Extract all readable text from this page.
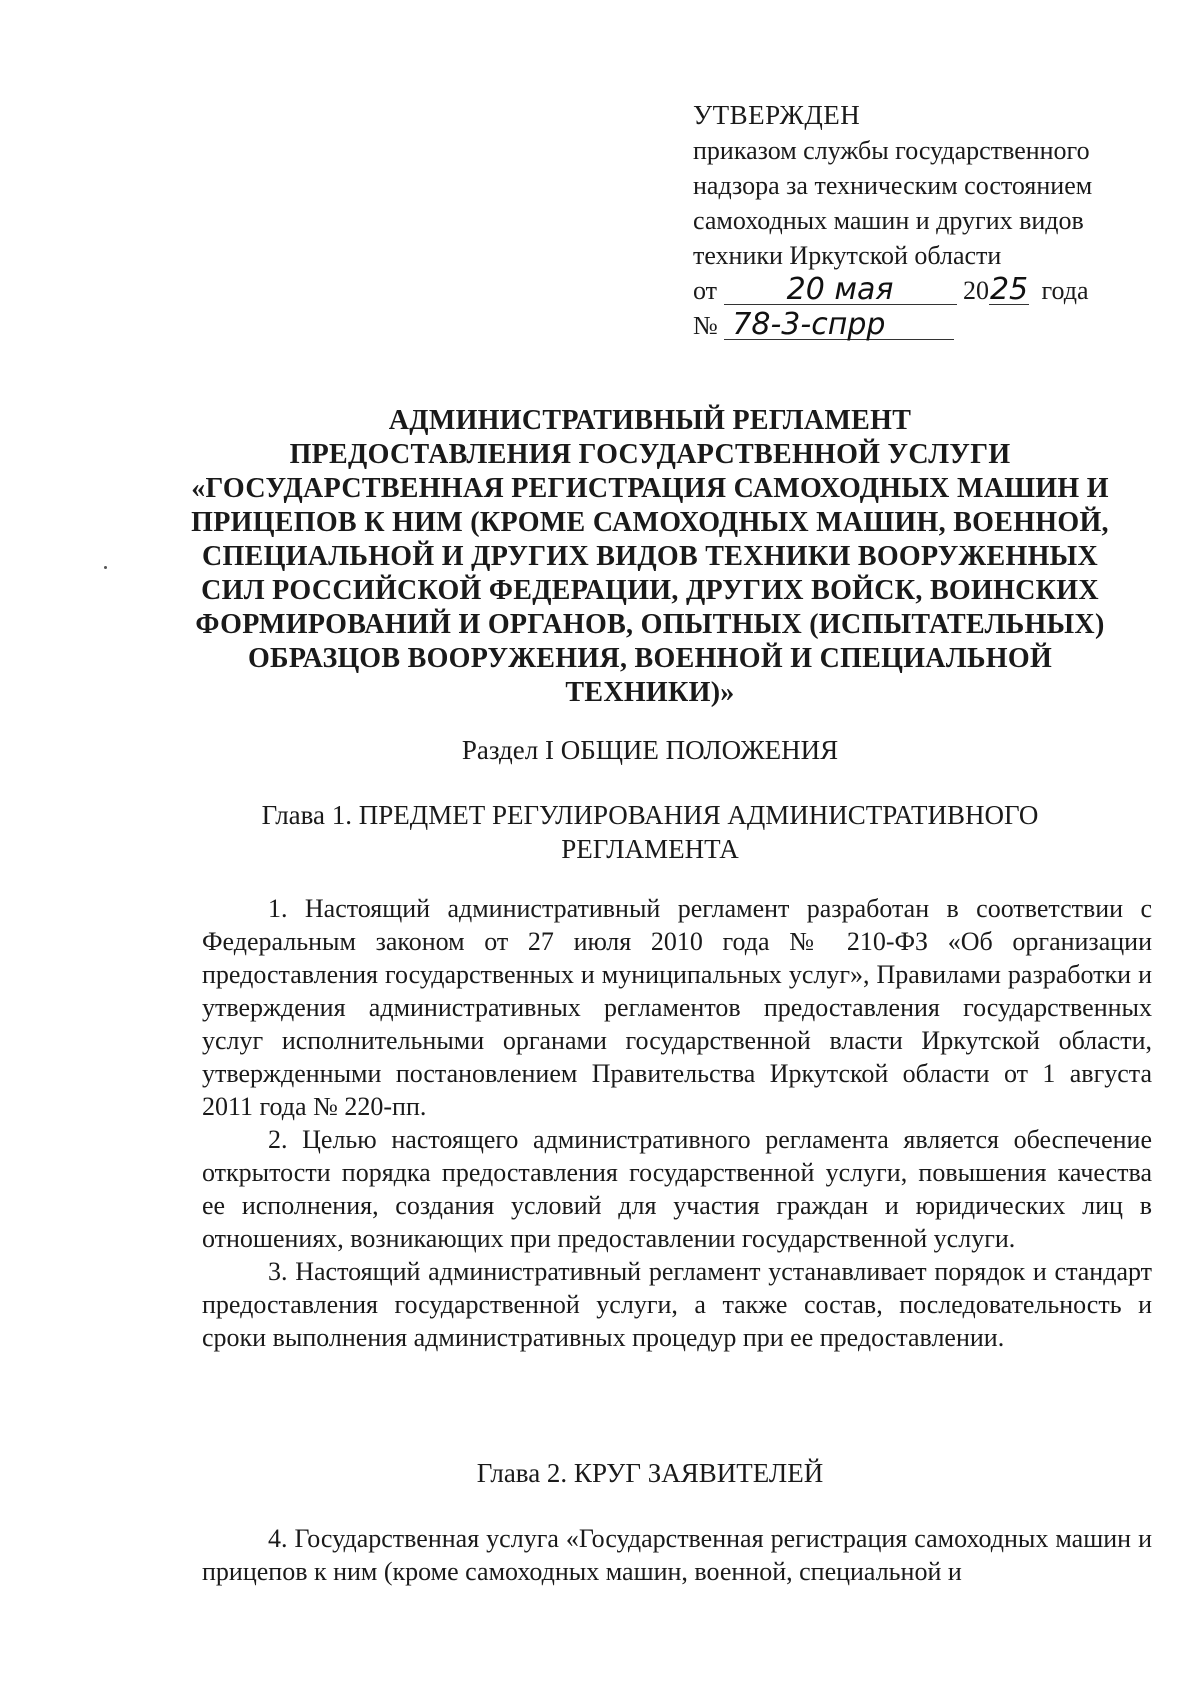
УТВЕРЖДЕН
приказом службы государственного
надзора за техническим состоянием
самоходных машин и других видов
техники Иркутской области
от 20 мая	2025 года
№ 78-3-спрр
АДМИНИСТРАТИВНЫЙ РЕГЛАМЕНТ
ПРЕДОСТАВЛЕНИЯ ГОСУДАРСТВЕННОЙ УСЛУГИ
«ГОСУДАРСТВЕННАЯ РЕГИСТРАЦИЯ САМОХОДНЫХ МАШИН И
ПРИЦЕПОВ К НИМ (КРОМЕ САМОХОДНЫХ МАШИН, ВОЕННОЙ,
СПЕЦИАЛЬНОЙ И ДРУГИХ ВИДОВ ТЕХНИКИ ВООРУЖЕННЫХ
СИЛ РОССИЙСКОЙ ФЕДЕРАЦИИ, ДРУГИХ ВОЙСК, ВОИНСКИХ
ФОРМИРОВАНИЙ И ОРГАНОВ, ОПЫТНЫХ (ИСПЫТАТЕЛЬНЫХ)
ОБРАЗЦОВ ВООРУЖЕНИЯ, ВОЕННОЙ И СПЕЦИАЛЬНОЙ
ТЕХНИКИ)»
Раздел I ОБЩИЕ ПОЛОЖЕНИЯ
Глава 1. ПРЕДМЕТ РЕГУЛИРОВАНИЯ АДМИНИСТРАТИВНОГО
РЕГЛАМЕНТА

1. Настоящий административный регламент разработан в соответствии с Федеральным законом от 27 июля 2010 года № 210-ФЗ «Об организации предоставления государственных и муниципальных услуг», Правилами разработки и утверждения административных регламентов предоставления государственных услуг исполнительными органами государственной власти Иркутской области, утвержденными постановлением Правительства Иркутской области от 1 августа 2011 года № 220-пп.

2. Целью настоящего административного регламента является обеспечение открытости порядка предоставления государственной услуги, повышения качества ее исполнения, создания условий для участия граждан и юридических лиц в отношениях, возникающих при предоставлении государственной услуги.

3. Настоящий административный регламент устанавливает порядок и стандарт предоставления государственной услуги, а также состав, последовательность и сроки выполнения административных процедур при ее предоставлении.

Глава 2. КРУГ ЗАЯВИТЕЛЕЙ

4. Государственная услуга «Государственная регистрация самоходных машин и прицепов к ним (кроме самоходных машин, военной, специальной и
